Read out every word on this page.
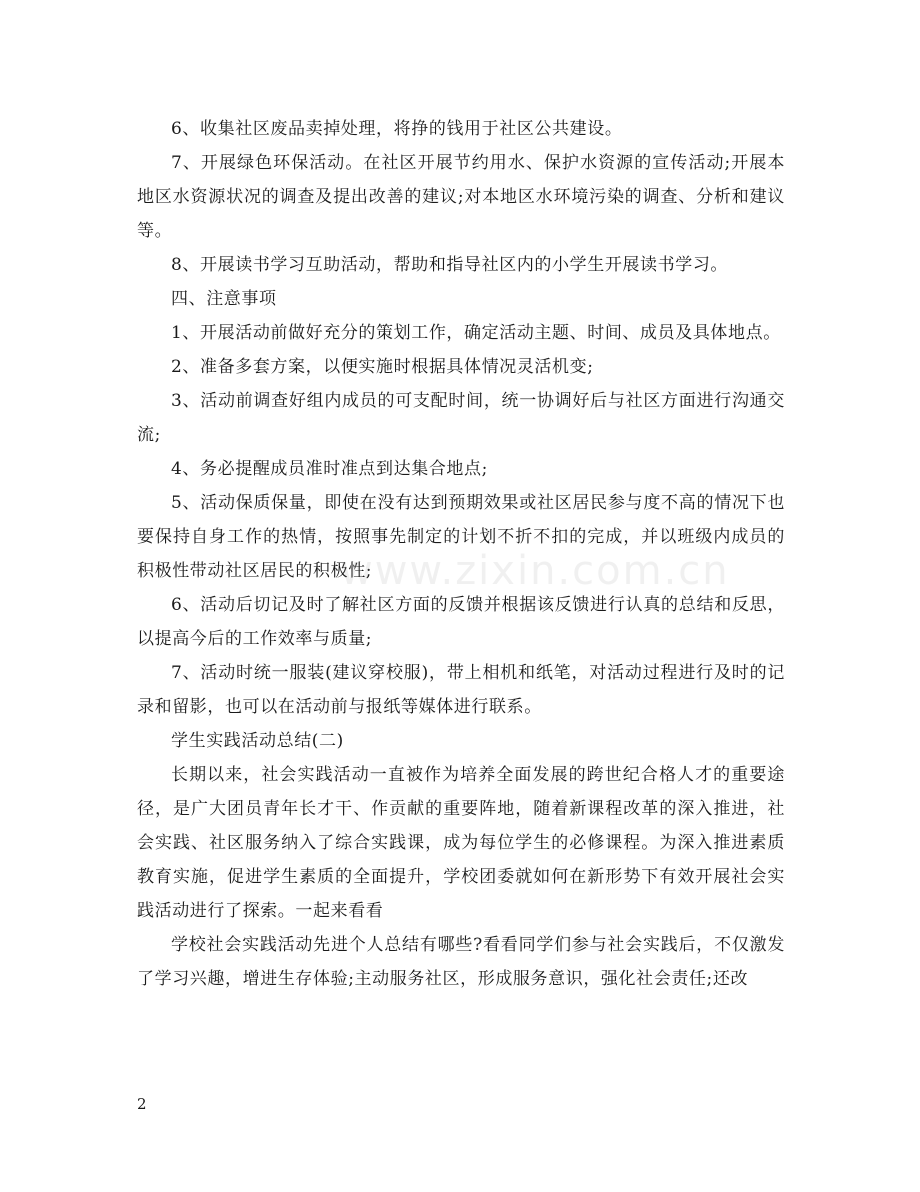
6、收集社区废品卖掉处理，将挣的钱用于社区公共建设。

7、开展绿色环保活动。在社区开展节约用水、保护水资源的宣传活动;开展本地区水资源状况的调查及提出改善的建议;对本地区水环境污染的调查、分析和建议等。

8、开展读书学习互助活动，帮助和指导社区内的小学生开展读书学习。

四、注意事项

1、开展活动前做好充分的策划工作，确定活动主题、时间、成员及具体地点。

2、准备多套方案，以便实施时根据具体情况灵活机变;

3、活动前调查好组内成员的可支配时间，统一协调好后与社区方面进行沟通交流;

4、务必提醒成员准时准点到达集合地点;

5、活动保质保量，即使在没有达到预期效果或社区居民参与度不高的情况下也要保持自身工作的热情，按照事先制定的计划不折不扣的完成，并以班级内成员的积极性带动社区居民的积极性;

6、活动后切记及时了解社区方面的反馈并根据该反馈进行认真的总结和反思，以提高今后的工作效率与质量;

7、活动时统一服装(建议穿校服)，带上相机和纸笔，对活动过程进行及时的记录和留影，也可以在活动前与报纸等媒体进行联系。

学生实践活动总结(二)

长期以来，社会实践活动一直被作为培养全面发展的跨世纪合格人才的重要途径，是广大团员青年长才干、作贡献的重要阵地，随着新课程改革的深入推进，社会实践、社区服务纳入了综合实践课，成为每位学生的必修课程。为深入推进素质教育实施，促进学生素质的全面提升，学校团委就如何在新形势下有效开展社会实践活动进行了探索。一起来看看

学校社会实践活动先进个人总结有哪些?看看同学们参与社会实践后，不仅激发了学习兴趣，增进生存体验;主动服务社区，形成服务意识，强化社会责任;还改

www.zixin.com.cn
2
